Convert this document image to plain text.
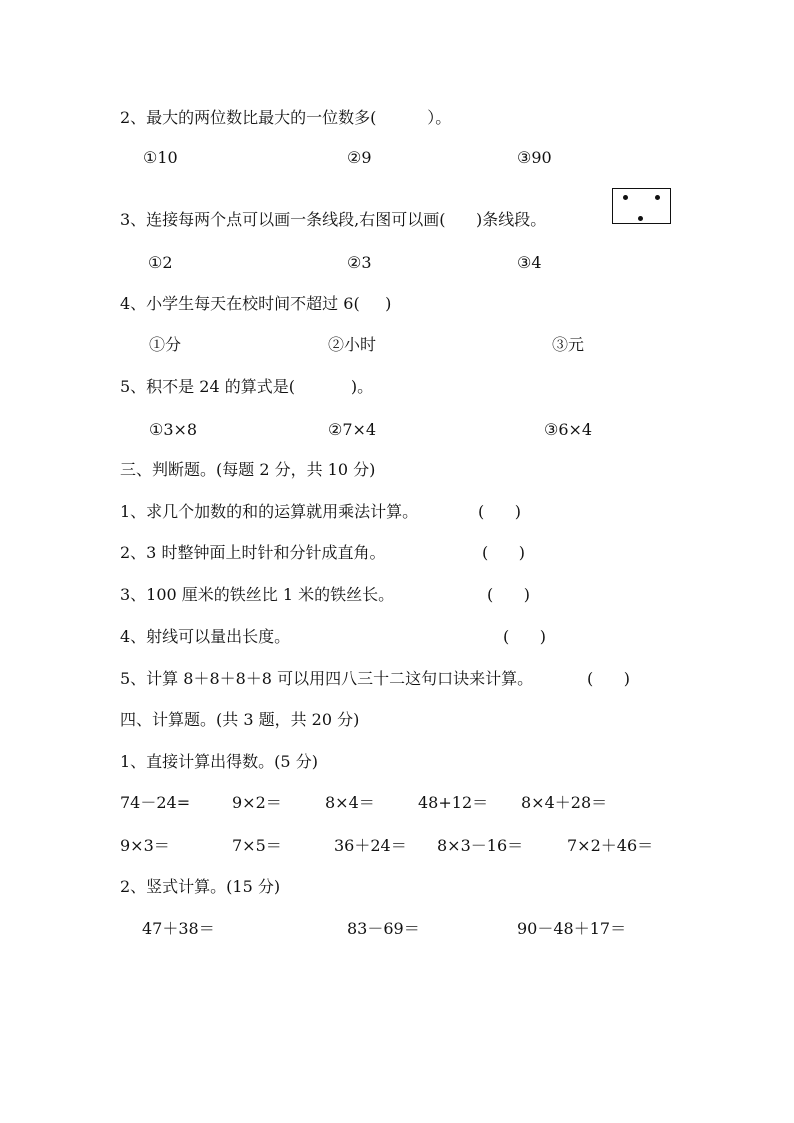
2、最大的两位数比最大的一位数多(          ）。
①10	②9	③90
3、连接每两个点可以画一条线段,右图可以画(      )条线段。
①2	②3	③4
4、小学生每天在校时间不超过 6(     )
①分	②小时	③元
5、积不是 24 的算式是(           )。
①3×8	②7×4	③6×4
三、判断题。(每题 2 分，共 10 分)
1、求几个加数的和的运算就用乘法计算。	(      )
2、3 时整钟面上时针和分针成直角。	(      )
3、100 厘米的铁丝比 1 米的铁丝长。	(      )
4、射线可以量出长度。	(      )
5、计算 8＋8＋8＋8 可以用四八三十二这句口诀来计算。	(      )
四、计算题。(共 3 题，共 20 分)
1、直接计算出得数。(5 分)
74－24=	9×2＝	8×4＝	48+12＝ 8×4＋28＝
9×3＝	7×5＝	36＋24＝ 8×3－16＝	7×2＋46＝
2、竖式计算。(15 分)
47＋38＝	83－69＝	90－48＋17＝
